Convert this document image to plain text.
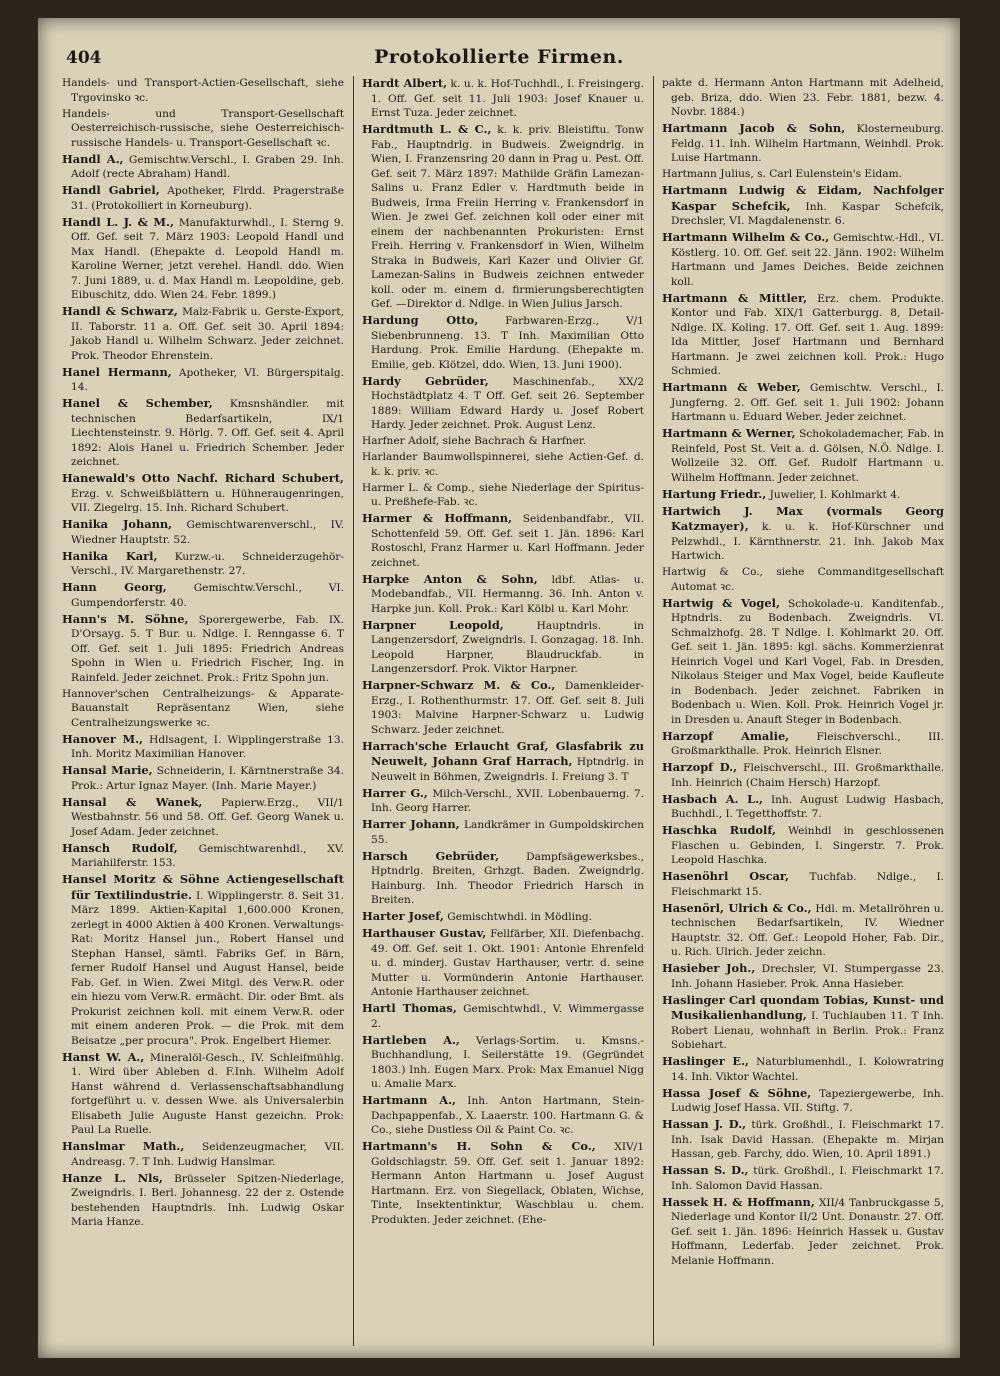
404	Protokollierte Firmen.
Handels- und Transport-Actien-Gesellschaft, siehe Trgovinsko ꝛc.
Handels- und Transport-Gesellschaft Oesterreichisch-russische, siehe Oesterreichisch-russische Handels- u. Transport-Gesellschaft ꝛc.
Handl A., Gemischtw.Verschl., I. Graben 29. Inh. Adolf (recte Abraham) Handl.
Handl Gabriel, Apotheker, Flrdd. Pragerstraße 31. (Protokolliert in Korneuburg).
Handl L. J. & M., Manufakturwhdl., I. Sterng 9. Off. Gef. seit 7. März 1903: Leopold Handl und Max Handl. (Ehepakte d. Leopold Handl m. Karoline Werner, jetzt verehel. Handl. ddo. Wien 7. Juni 1889, u. d. Max Handl m. Leopoldine, geb. Eibuschitz, ddo. Wien 24. Febr. 1899.)
Handl & Schwarz, Malz-Fabrik u. Gerste-Export, II. Taborstr. 11 a. Off. Gef. seit 30. April 1894: Jakob Handl u. Wilhelm Schwarz. Jeder zeichnet. Prok. Theodor Ehrenstein.
Hanel Hermann, Apotheker, VI. Bürgerspitalg. 14.
Hanel & Schember, Kmsnshändler. mit technischen Bedarfsartikeln, IX/1 Liechtensteinstr. 9. Hörlg. 7. Off. Gef. seit 4. April 1892: Alois Hanel u. Friedrich Schember. Jeder zeichnet.
Hanewald's Otto Nachf. Richard Schubert, Erzg. v. Schweißblättern u. Hühneraugenringen, VII. Ziegelrg. 15. Inh. Richard Schubert.
Hanika Johann, Gemischtwarenverschl., IV. Wiedner Hauptstr. 52.
Hanika Karl, Kurzw.-u. Schneiderzugehör-Verschl., IV. Margarethenstr. 27.
Hann Georg,	Gemischtw.Verschl., VI. Gumpendorferstr. 40.
Hann's M. Söhne, Sporergewerbe, Fab. IX. D'Orsayg. 5. T Bur. u. Ndlge. I. Renngasse 6. T Off. Gef. seit 1. Juli 1895: Friedrich Andreas Spohn in Wien u. Friedrich Fischer, Ing. in Rainfeld. Jeder zeichnet. Prok.: Fritz Spohn jun.
Hannover'schen Centralheizungs- & Apparate-Bauanstalt Repräsentanz Wien, siehe Centralheizungswerke ꝛc.
Hanover M., Hdlsagent, I. Wipplingerstraße 13. Inh. Moritz Maximilian Hanover.
Hansal Marie, Schneiderin, I. Kärntnerstraße 34. Prok.: Artur Ignaz Mayer. (Inh. Marie Mayer.)
Hansal & Wanek, Papierw.Erzg., VII/1 Westbahnstr. 56 und 58. Off. Gef. Georg Wanek u. Josef Adam. Jeder zeichnet.
Hansch Rudolf, Gemischtwarenhdl., XV. Mariahilferstr. 153.
Hansel Moritz & Söhne Actiengesellschaft für Textilindustrie. I. Wipplingerstr. 8. Seit 31. März 1899. Aktien-Kapital 1,600.000 Kronen, zerlegt in 4000 Aktien à 400 Kronen. Verwaltungs-Rat: Moritz Hansel jun., Robert Hansel und Stephan Hansel, sämtl. Fabriks Gef. in Bärn, ferner Rudolf Hansel und August Hansel, beide Fab. Gef. in Wien. Zwei Mitgl. des Verw.R. oder ein hiezu vom Verw.R. ermächt. Dir. oder Bmt. als Prokurist zeichnen koll. mit einem Verw.R. oder mit einem anderen Prok. — die Prok. mit dem Beisatze „per procura". Prok. Engelbert Hiemer.
Hanst W. A., Mineralöl-Gesch., IV. Schleifmühlg. 1. Wird über Ableben d. F.Inh. Wilhelm Adolf Hanst während d. Verlassenschaftsabhandlung fortgeführt u. v. dessen Wwe. als Universalerbin Elisabeth Julie Auguste Hanst gezeichn. Prok: Paul La Ruelle.
Hanslmar Math., Seidenzeugmacher, VII. Andreasg. 7. T Inh. Ludwig Hanslmar.
Hanze L. Nls, Brüsseler Spitzen-Niederlage, Zweigndrls. I. Berl. Johannesg. 22 der z. Ostende bestehenden Hauptndrls. Inh. Ludwig Oskar Maria Hanze.
Hardt Albert, k. u. k. Hof-Tuchhdl., I. Freisingerg. 1. Off. Gef. seit 11. Juli 1903: Josef Knauer u. Ernst Tuza. Jeder zeichnet.
Hardtmuth L. & C., k. k. priv. Bleistiftu. Tonw Fab., Hauptndrlg. in Budweis. Zweigndrlg. in Wien, I. Franzensring 20 dann in Prag u. Pest. Off. Gef. seit 7. März 1897: Mathilde Gräfin Lamezan-Salins u. Franz Edler v. Hardtmuth beide in Budweis, Irma Freiin Herring v. Frankensdorf in Wien. Je zwei Gef. zeichnen koll oder einer mit einem der nachbenannten Prokuristen: Ernst Freih. Herring v. Frankensdorf in Wien, Wilhelm Straka in Budweis, Karl Kazer und Olivier Gf. Lamezan-Salins in Budweis zeichnen entweder koll. oder m. einem d. firmierungsberechtigten Gef. —Direktor d. Ndlge. in Wien Julius Jarsch.
Hardung Otto,	Farbwaren-Erzg., V/1 Siebenbrunneng. 13. T Inh. Maximilian Otto Hardung. Prok. Emilie Hardung. (Ehepakte m. Emilie, geb. Klötzel, ddo. Wien, 13. Juni 1900).
Hardy Gebrüder, Maschinenfab., XX/2 Hochstädtplatz 4. T Off. Gef. seit 26. September 1889: William Edward Hardy u. Josef Robert Hardy. Jeder zeichnet. Prok. August Lenz.
Harfner Adolf, siehe Bachrach & Harfner.
Harlander Baumwollspinnerei, siehe Actien-Gef. d. k. k. priv. ꝛc.
Harmer L. & Comp., siehe Niederlage der Spiritus- u. Preßhefe-Fab. ꝛc.
Harmer & Hoffmann, Seidenbandfabr., VII. Schottenfeld 59. Off. Gef. seit 1. Jän. 1896: Karl Rostoschl, Franz Harmer u. Karl Hoffmann. Jeder zeichnet.
Harpke Anton & Sohn, ldbf. Atlas- u. Modebandfab., VII. Hermanng. 36. Inh. Anton v. Harpke jun. Koll. Prok.: Karl Kölbl u. Karl Mohr.
Harpner Leopold,	Hauptndrls. in Langenzersdorf, Zweigndrls. I. Gonzagag. 18. Inh. Leopold Harpner, Blaudruckfab. in Langenzersdorf. Prok. Viktor Harpner.
Harpner-Schwarz M. & Co., Damenkleider-Erzg., I. Rothenthurmstr. 17. Off. Gef. seit 8. Juli 1903: Malvine Harpner-Schwarz u. Ludwig Schwarz. Jeder zeichnet.
Harrach'sche Erlaucht Graf, Glasfabrik zu Neuwelt, Johann Graf Harrach, Hptndrlg. in Neuwelt in Böhmen, Zweigndrls. I. Freiung 3. T
Harrer G., Milch-Verschl., XVII. Lobenbauerng. 7. Inh. Georg Harrer.
Harrer Johann, Landkrämer in Gumpoldskirchen 55.
Harsch Gebrüder,	Dampfsägewerksbes., Hptndrlg. Breiten, Grhzgt. Baden. Zweigndrlg. Hainburg. Inh. Theodor Friedrich Harsch in Breiten.
Harter Josef, Gemischtwhdl. in Mödling.
Harthauser Gustav, Fellfärber, XII. Diefenbachg. 49. Off. Gef. seit 1. Okt. 1901: Antonie Ehrenfeld u. d. minderj. Gustav Harthauser, vertr. d. seine Mutter u. Vormünderin Antonie Harthauser. Antonie Harthauser zeichnet.
Hartl Thomas, Gemischtwhdl., V. Wimmergasse 2.
Hartleben A., Verlags-Sortim. u. Kmsns.-Buchhandlung, I. Seilerstätte 19. (Gegründet 1803.) Inh. Eugen Marx. Prok: Max Emanuel Nigg u. Amalie Marx.
Hartmann A., Inh. Anton Hartmann, Stein-Dachpappenfab., X. Laaerstr. 100. Hartmann G. & Co., siehe Dustless Oil & Paint Co. ꝛc.
Hartmann's H. Sohn & Co., XIV/1 Goldschlagstr. 59. Off. Gef. seit 1. Januar 1892: Hermann Anton Hartmann u. Josef August Hartmann. Erz. von Siegellack, Oblaten, Wichse, Tinte, Insektentinktur, Waschblau u. chem. Produkten. Jeder zeichnet. (Ehe-
pakte d. Hermann Anton Hartmann mit Adelheid, geb. Briza, ddo. Wien 23. Febr. 1881, bezw. 4. Novbr. 1884.)
Hartmann Jacob & Sohn, Klosterneuburg. Feldg. 11. Inh. Wilhelm Hartmann, Weinhdl. Prok. Luise Hartmann.
Hartmann Julius, s. Carl Eulenstein's Eidam.
Hartmann Ludwig & Eidam, Nachfolger Kaspar Schefcik, Inh. Kaspar Schefcik, Drechsler, VI. Magdalenenstr. 6.
Hartmann Wilhelm & Co., Gemischtw.-Hdl., VI. Köstlerg. 10. Off. Gef. seit 22. Jänn. 1902: Wilhelm Hartmann und James Deiches. Beide zeichnen koll.
Hartmann & Mittler, Erz. chem. Produkte. Kontor und Fab. XIX/1 Gatterburgg. 8, Detail-Ndlge. IX. Koling. 17. Off. Gef. seit 1. Aug. 1899: Ida Mittler, Josef Hartmann und Bernhard Hartmann. Je zwei zeichnen koll. Prok.: Hugo Schmied.
Hartmann & Weber, Gemischtw. Verschl., I. Jungferng. 2. Off. Gef. seit 1. Juli 1902: Johann Hartmann u. Eduard Weber. Jeder zeichnet.
Hartmann & Werner, Schokolademacher, Fab. in Reinfeld, Post St. Veit a. d. Gölsen, N.Ö. Ndlge. I. Wollzeile 32. Off. Gef. Rudolf Hartmann u. Wilhelm Hoffmann. Jeder zeichnet.
Hartung Friedr., Juwelier, I. Kohlmarkt 4.
Hartwich J. Max (vormals Georg Katzmayer), k. u. k. Hof-Kürschner und Pelzwhdl., I. Kärnthnerstr. 21. Inh. Jakob Max Hartwich.
Hartwig & Co., siehe Commanditgesellschaft Automat ꝛc.
Hartwig & Vogel, Schokolade-u. Kanditenfab., Hptndrls. zu Bodenbach. Zweigndrls. VI. Schmalzhofg. 28. T Ndlge. I. Kohlmarkt 20. Off. Gef. seit 1. Jän. 1895: kgl. sächs. Kommerzienrat Heinrich Vogel und Karl Vogel, Fab. in Dresden, Nikolaus Steiger und Max Vogel, beide Kaufleute in Bodenbach. Jeder zeichnet. Fabriken in Bodenbach u. Wien. Koll. Prok. Heinrich Vogel jr. in Dresden u. Anauft Steger in Bodenbach.
Harzopf Amalie,	Fleischverschl., III. Großmarkthalle. Prok. Heinrich Elsner.
Harzopf D., Fleischverschl., III. Großmarkthalle. Inh. Heinrich (Chaim Hersch) Harzopf.
Hasbach A. L., Inh. August Ludwig Hasbach, Buchhdl., I. Tegetthoffstr. 7.
Haschka Rudolf, Weinhdl in geschlossenen Flaschen u. Gebinden, I. Singerstr. 7. Prok. Leopold Haschka.
Hasenöhrl Oscar, Tuchfab. Ndlge., I. Fleischmarkt 15.
Hasenörl, Ulrich & Co., Hdl. m. Metallröhren u. technischen Bedarfsartikeln, IV. Wiedner Hauptstr. 32. Off. Gef.: Leopold Hoher, Fab. Dir., u. Rich. Ulrich. Jeder zeichn.
Hasieber Joh., Drechsler, VI. Stumpergasse 23. Inh. Johann Hasieber. Prok. Anna Hasieber.
Haslinger Carl quondam Tobias, Kunst- und Musikalienhandlung, I. Tuchlauben 11. T Inh. Robert Lienau, wohnhaft in Berlin. Prok.: Franz Sobiehart.
Haslinger E., Naturblumenhdl., I. Kolowratring 14. Inh. Viktor Wachtel.
Hassa Josef & Söhne, Tapeziergewerbe, Inh. Ludwig Josef Hassa. VII. Stiftg. 7.
Hassan J. D., türk. Großhdl., I. Fleischmarkt 17. Inh. Isak David Hassan. (Ehepakte m. Mirjan Hassan, geb. Farchy, ddo. Wien, 10. April 1891.)
Hassan S. D., türk. Großhdl., I. Fleischmarkt 17. Inh. Salomon David Hassan.
Hassek H. & Hoffmann, XII/4 Tanbruckgasse 5, Niederlage und Kontor II/2 Unt. Donaustr. 27. Off. Gef. seit 1. Jän. 1896: Heinrich Hassek u. Gustav Hoffmann, Lederfab. Jeder zeichnet. Prok. Melanie Hoffmann.
